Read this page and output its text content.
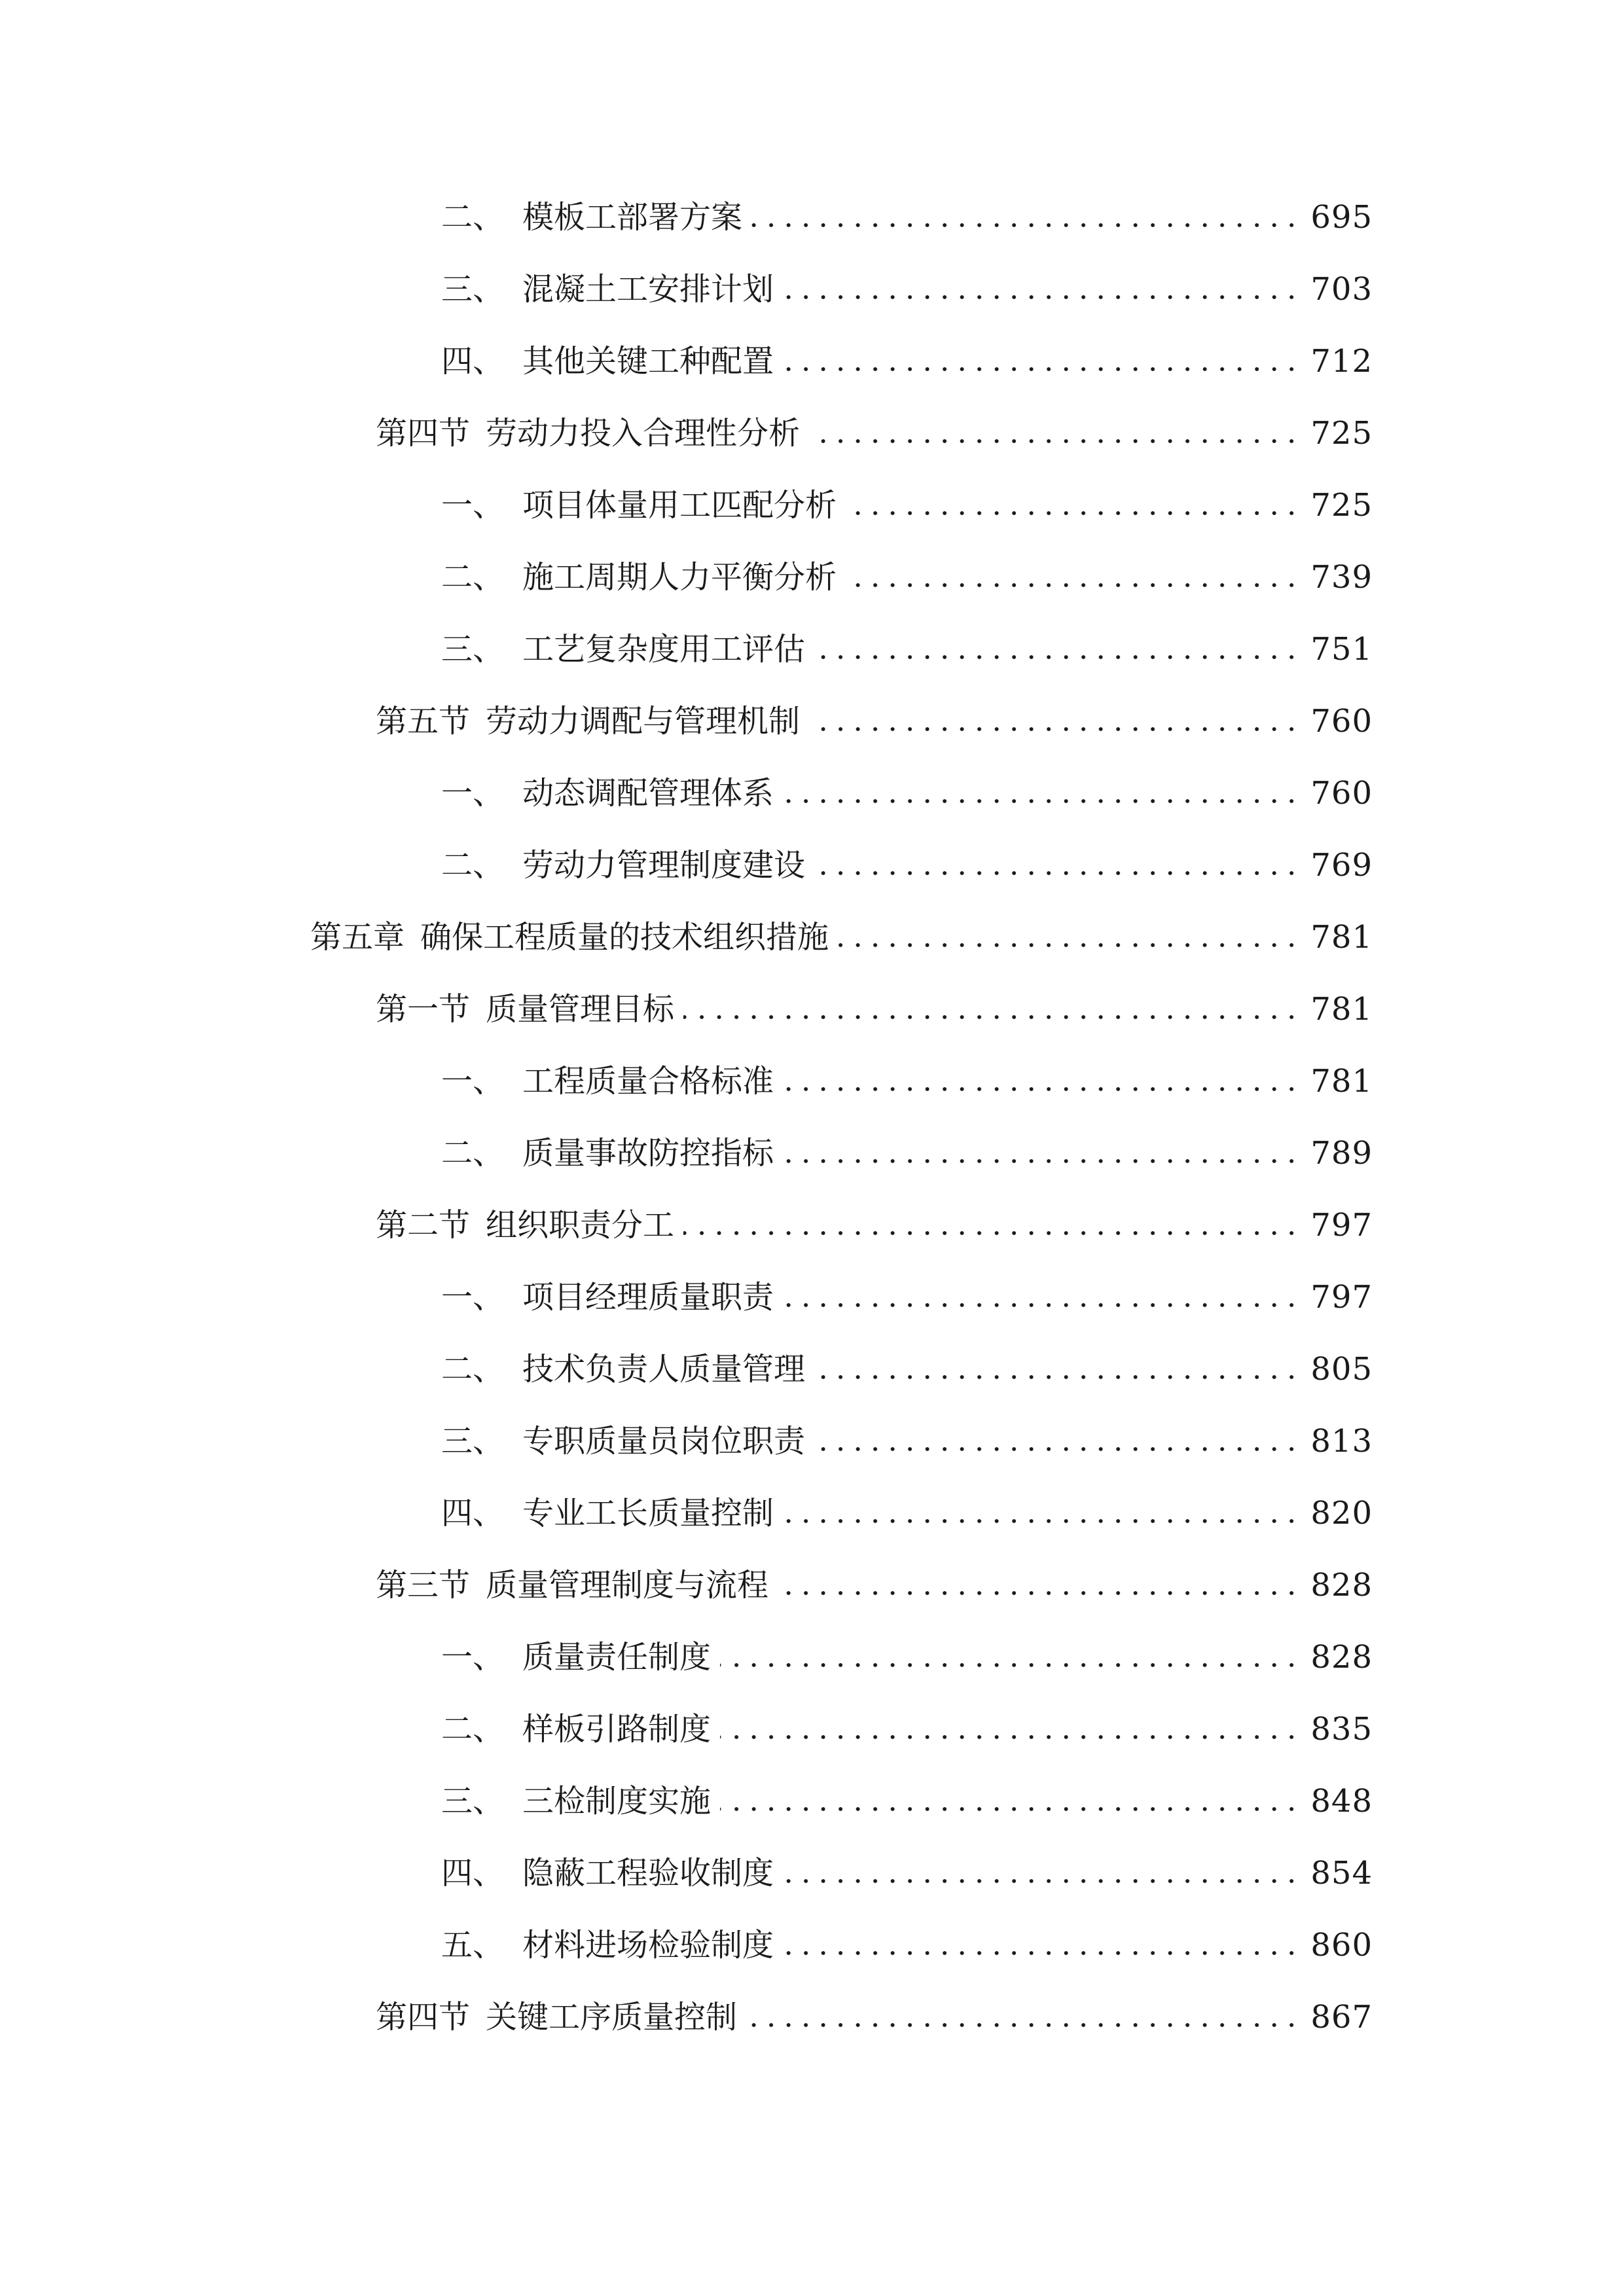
二、 模板工部署方案	695
三、 混凝土工安排计划	703
四、 其他关键工种配置	712
第四节 劳动力投入合理性分析	725
一、 项目体量用工匹配分析	725
二、 施工周期人力平衡分析	739
三、 工艺复杂度用工评估	751
第五节 劳动力调配与管理机制	760
一、 动态调配管理体系	760
二、 劳动力管理制度建设	769
第五章 确保工程质量的技术组织措施	781
第一节 质量管理目标	781
一、 工程质量合格标准	781
二、 质量事故防控指标	789
第二节 组织职责分工	797
一、 项目经理质量职责	797
二、 技术负责人质量管理	805
三、 专职质量员岗位职责	813
四、 专业工长质量控制	820
第三节 质量管理制度与流程	828
一、 质量责任制度	828
二、 样板引路制度	835
三、 三检制度实施	848
四、 隐蔽工程验收制度	854
五、 材料进场检验制度	860
第四节 关键工序质量控制	867
